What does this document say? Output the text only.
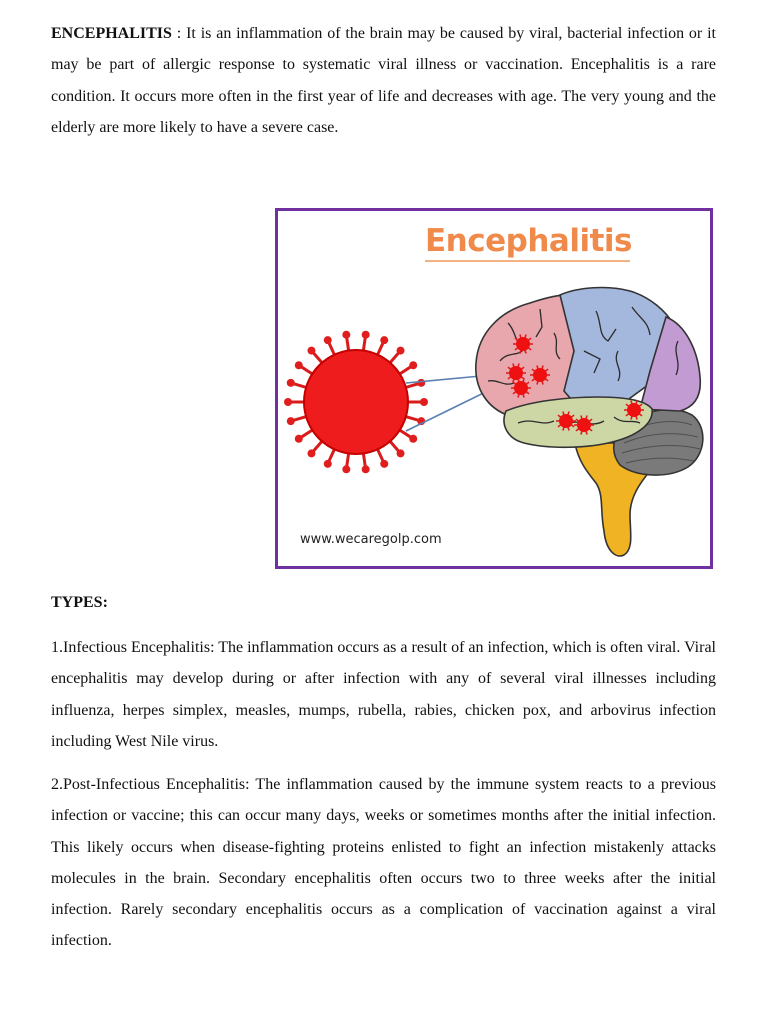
ENCEPHALITIS : It is an inflammation of the brain may be caused by viral, bacterial infection or it may be part of allergic response to systematic viral illness or vaccination. Encephalitis is a rare condition. It occurs more often in the first year of life and decreases with age. The very young and the elderly are more likely to have a severe case.

Encephalitis
www.wecaregolp.com
TYPES:

1.Infectious Encephalitis: The inflammation occurs as a result of an infection, which is often viral. Viral encephalitis may develop during or after infection with any of several viral illnesses including influenza, herpes simplex, measles, mumps, rubella, rabies, chicken pox, and arbovirus infection including West Nile virus.

2.Post-Infectious Encephalitis: The inflammation caused by the immune system reacts to a previous infection or vaccine; this can occur many days, weeks or sometimes months after the initial infection. This likely occurs when disease-fighting proteins enlisted to fight an infection mistakenly attacks molecules in the brain. Secondary encephalitis often occurs two to three weeks after the initial infection. Rarely secondary encephalitis occurs as a complication of vaccination against a viral infection.
